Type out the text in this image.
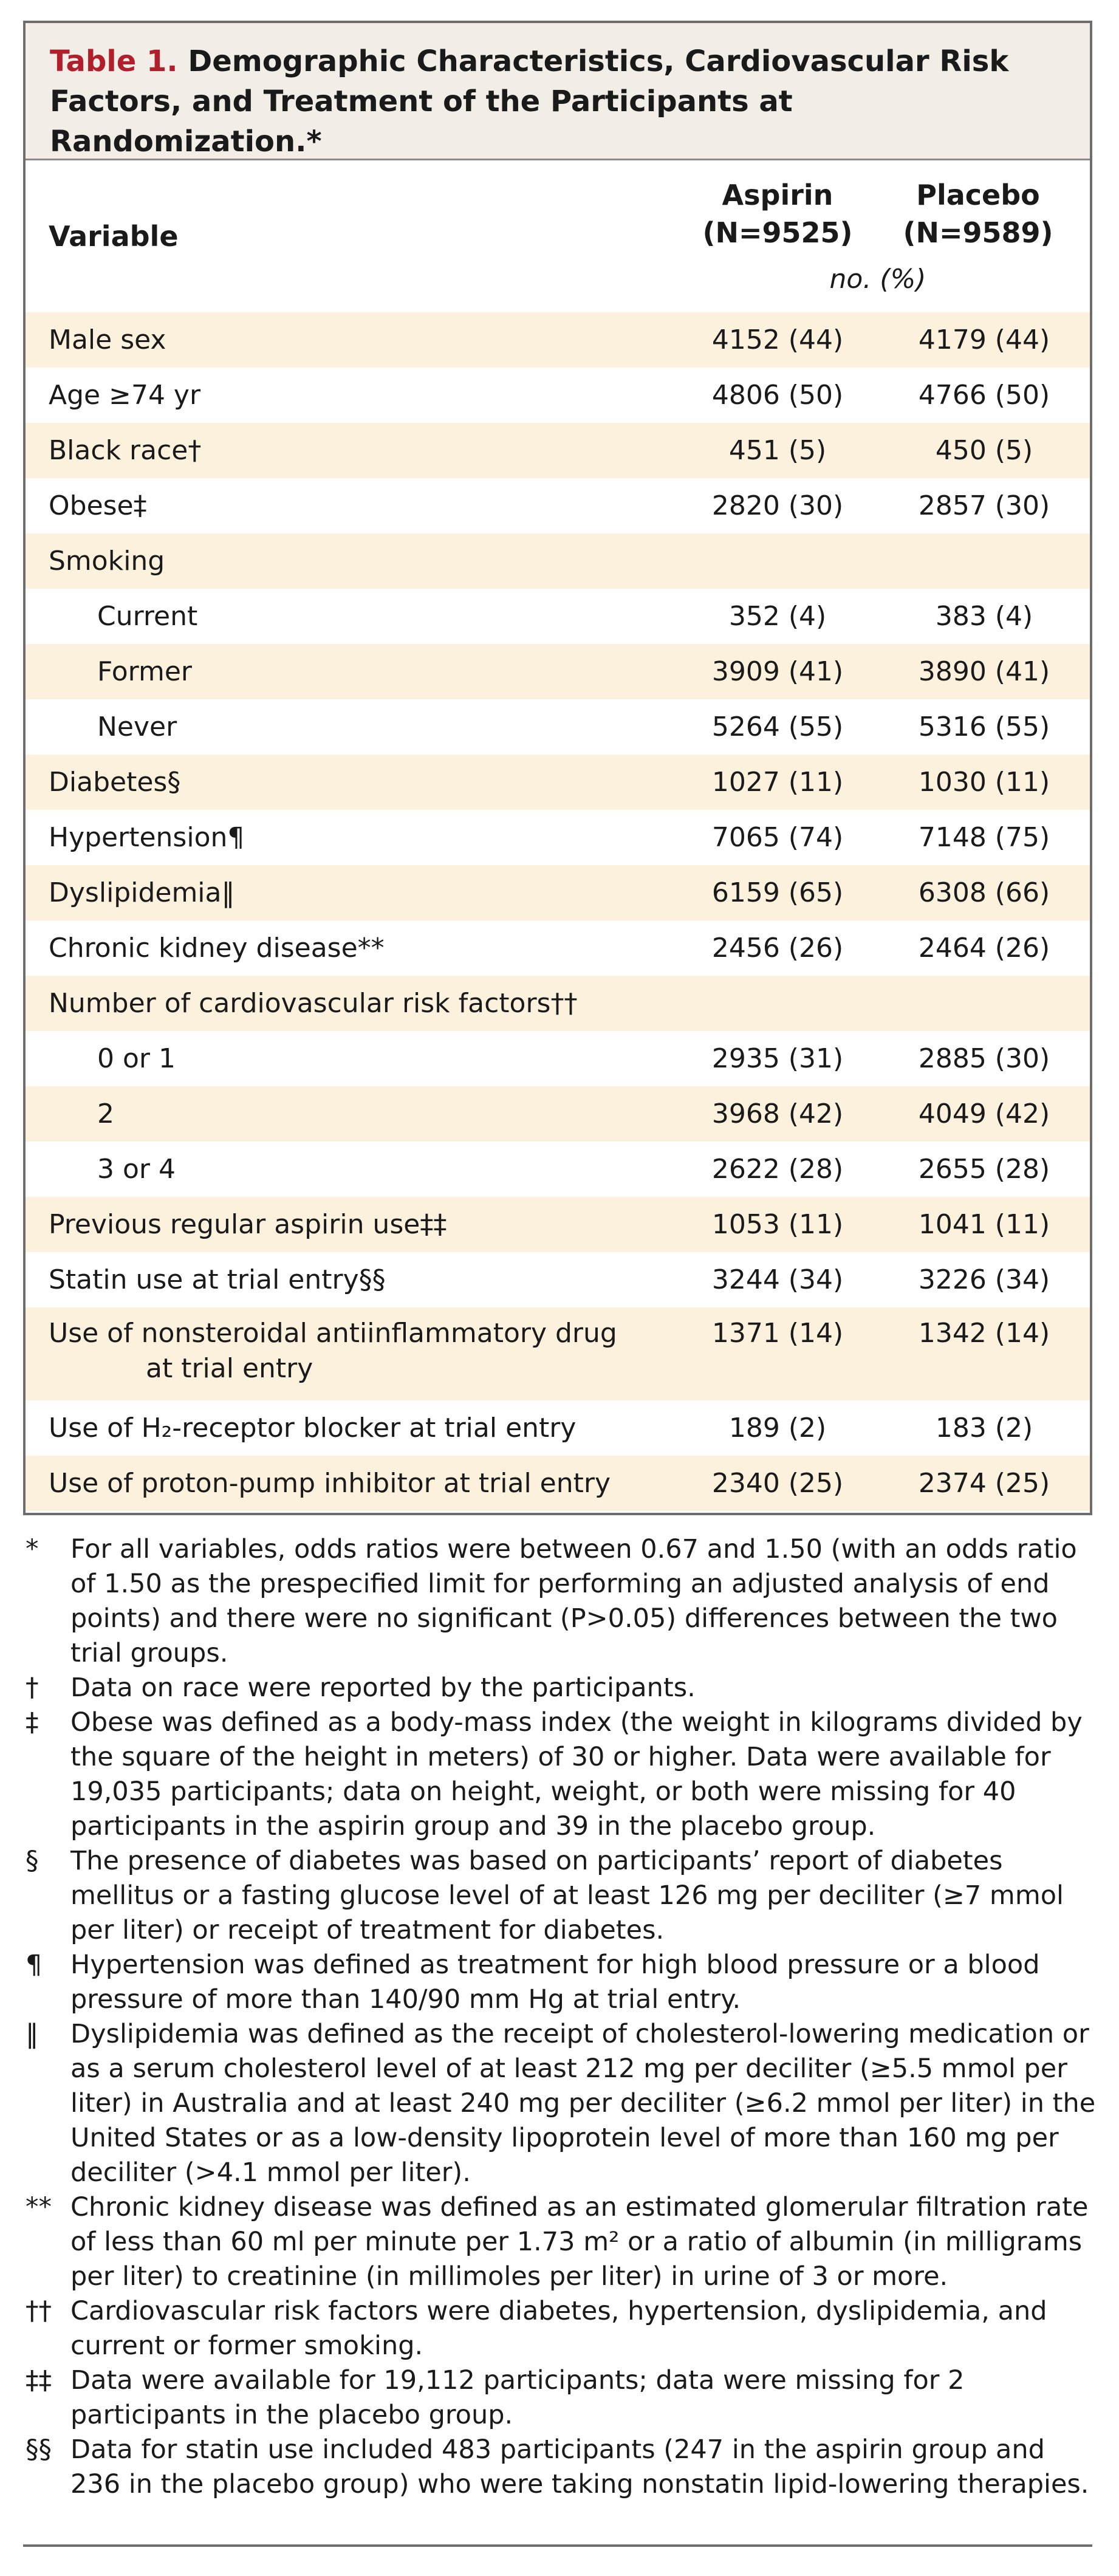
Table 1. Demographic Characteristics, Cardiovascular Risk Factors, and Treatment of the Participants at Randomization.*
Variable
Aspirin
(N=9525)
Placebo
(N=9589)
no. (%)
Male sex	4152 (44)	4179 (44)
Age ≥74 yr	4806 (50)	4766 (50)
Black race†	451 (5)	450 (5)
Obese‡	2820 (30)	2857 (30)
Smoking
Current	352 (4)	383 (4)
Former	3909 (41)	3890 (41)
Never	5264 (55)	5316 (55)
Diabetes§	1027 (11)	1030 (11)
Hypertension¶	7065 (74)	7148 (75)
Dyslipidemia‖	6159 (65)	6308 (66)
Chronic kidney disease**	2456 (26)	2464 (26)
Number of cardiovascular risk factors††
0 or 1	2935 (31)	2885 (30)
2	3968 (42)	4049 (42)
3 or 4	2622 (28)	2655 (28)
Previous regular aspirin use‡‡	1053 (11)	1041 (11)
Statin use at trial entry§§	3244 (34)	3226 (34)
Use of nonsteroidal antiinflammatory drug
at trial entry
1371 (14)	1342 (14)
Use of H₂-receptor blocker at trial entry	189 (2)	183 (2)
Use of proton-pump inhibitor at trial entry	2340 (25)	2374 (25)
*	For all variables, odds ratios were between 0.67 and 1.50 (with an odds ratio of 1.50 as the prespecified limit for performing an adjusted analysis of end points) and there were no significant (P>0.05) differences between the two trial groups.
†	Data on race were reported by the participants.
‡	Obese was defined as a body-mass index (the weight in kilograms divided by the square of the height in meters) of 30 or higher. Data were available for 19,035 participants; data on height, weight, or both were missing for 40 participants in the aspirin group and 39 in the placebo group.
§	The presence of diabetes was based on participants’ report of diabetes mellitus or a fasting glucose level of at least 126 mg per deciliter (≥7 mmol per liter) or receipt of treatment for diabetes.
¶	Hypertension was defined as treatment for high blood pressure or a blood pressure of more than 140/90 mm Hg at trial entry.
‖	Dyslipidemia was defined as the receipt of cholesterol-lowering medication or as a serum cholesterol level of at least 212 mg per deciliter (≥5.5 mmol per liter) in Australia and at least 240 mg per deciliter (≥6.2 mmol per liter) in the United States or as a low-density lipoprotein level of more than 160 mg per deciliter (>4.1 mmol per liter).
** Chronic kidney disease was defined as an estimated glomerular filtration rate of less than 60 ml per minute per 1.73 m² or a ratio of albumin (in milligrams per liter) to creatinine (in millimoles per liter) in urine of 3 or more.
†† Cardiovascular risk factors were diabetes, hypertension, dyslipidemia, and current or former smoking.
‡‡ Data were available for 19,112 participants; data were missing for 2 participants in the placebo group.
§§ Data for statin use included 483 participants (247 in the aspirin group and 236 in the placebo group) who were taking nonstatin lipid-lowering therapies.
